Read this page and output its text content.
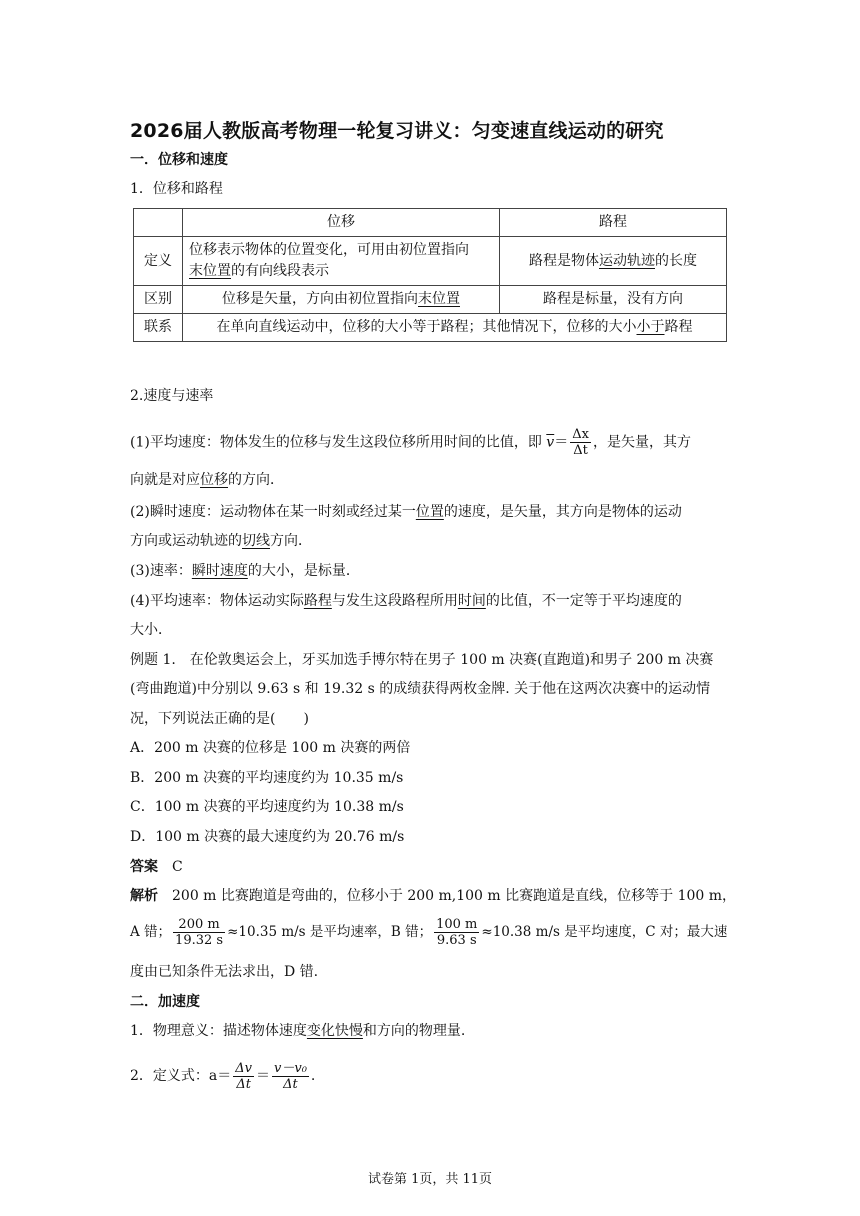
2026届人教版高考物理一轮复习讲义：匀变速直线运动的研究
一．位移和速度
1．位移和路程
	位移	路程
定义	位移表示物体的位置变化，可用由初位置指向
末位置的有向线段表示	路程是物体运动轨迹的长度
区别	位移是矢量，方向由初位置指向末位置	路程是标量，没有方向
联系	在单向直线运动中，位移的大小等于路程；其他情况下，位移的大小小于路程	
2.速度与速率
(1)平均速度：物体发生的位移与发生这段位移所用时间的比值，即 $\overline{v}= \frac{\Delta x}{\Delta t}$ ，是矢量，其方
向就是对应位移的方向．
(2)瞬时速度：运动物体在某一时刻或经过某一位置的速度，是矢量，其方向是物体的运动
方向或运动轨迹的切线方向．
(3)速率：瞬时速度的大小，是标量．
(4)平均速率：物体运动实际路程与发生这段路程所用时间的比值，不一定等于平均速度的
大小．
例题 1.　在伦敦奥运会上，牙买加选手博尔特在男子 100 m 决赛(直跑道)和男子 200 m 决赛
(弯曲跑道)中分别以 9.63 s 和 19.32 s 的成绩获得两枚金牌. 关于他在这两次决赛中的运动情
况，下列说法正确的是(　　)
A．200 m 决赛的位移是 100 m 决赛的两倍
B．200 m 决赛的平均速度约为 10.35 m/s
C．100 m 决赛的平均速度约为 10.38 m/s
D．100 m 决赛的最大速度约为 20.76 m/s
答案　 C
解析　 200 m 比赛跑道是弯曲的，位移小于 200 m,100 m 比赛跑道是直线，位移等于 100 m，
A 错； $\frac{200 m}{19.32 s} \approx 10.35$ m/s 是平均速率，B 错； $\frac{100 m}{9.63 s} \approx 10.38$ m/s 是平均速度，C 对；最大速
度由已知条件无法求出，D 错.
二．加速度
1．物理意义：描述物体速度变化快慢和方向的物理量.
2．定义式：$a= \frac{\Delta v}{\Delta t} = \frac{\text{v－v₀}}{\Delta t}$ .
试卷第 1页，共 11页
